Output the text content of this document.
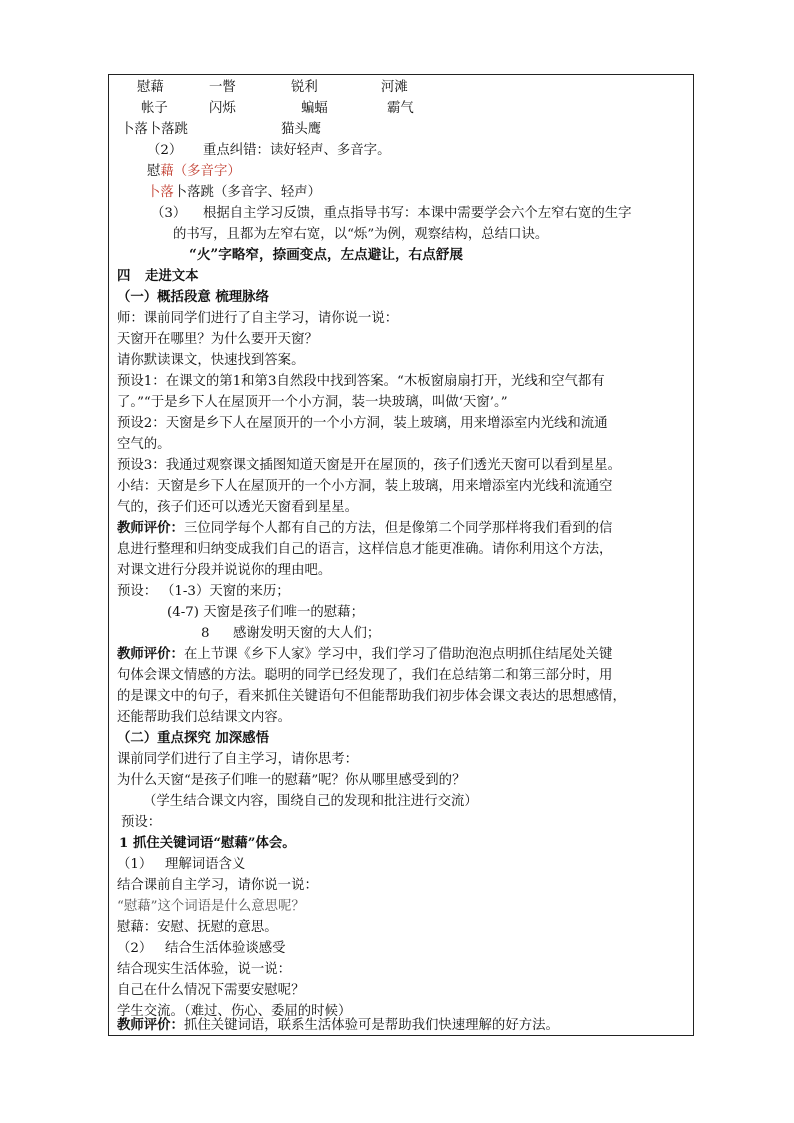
慰藉	一瞥	锐利	河滩
帐子	闪烁	蝙蝠	霸气
卜落卜落跳	猫头鹰
（2） 重点纠错：读好轻声、多音字。
慰藉（多音字）
卜落卜落跳（多音字、轻声）
（3） 根据自主学习反馈，重点指导书写：本课中需要学会六个左窄右宽的生字
的书写，且都为左窄右宽，以“烁”为例，观察结构，总结口诀。
“火”字略窄，捺画变点，左点避让，右点舒展
四 走进文本
（一）概括段意 梳理脉络
师：课前同学们进行了自主学习，请你说一说：
天窗开在哪里？为什么要开天窗？
请你默读课文，快速找到答案。
预设1：在课文的第1和第3自然段中找到答案。“木板窗扇扇打开，光线和空气都有
了。”“于是乡下人在屋顶开一个小方洞，装一块玻璃，叫做‘天窗’。”
预设2：天窗是乡下人在屋顶开的一个小方洞，装上玻璃，用来增添室内光线和流通
空气的。
预设3：我通过观察课文插图知道天窗是开在屋顶的，孩子们透光天窗可以看到星星。
小结：天窗是乡下人在屋顶开的一个小方洞，装上玻璃，用来增添室内光线和流通空
气的，孩子们还可以透光天窗看到星星。
教师评价：三位同学每个人都有自己的方法，但是像第二个同学那样将我们看到的信
息进行整理和归纳变成我们自己的语言，这样信息才能更准确。请你利用这个方法，
对课文进行分段并说说你的理由吧。
预设： （1-3）天窗的来历；
(4-7) 天窗是孩子们唯一的慰藉；
8 感谢发明天窗的大人们；
教师评价：在上节课《乡下人家》学习中，我们学习了借助泡泡点明抓住结尾处关键
句体会课文情感的方法。聪明的同学已经发现了，我们在总结第二和第三部分时，用
的是课文中的句子，看来抓住关键语句不但能帮助我们初步体会课文表达的思想感情，
还能帮助我们总结课文内容。
（二）重点探究 加深感悟
课前同学们进行了自主学习，请你思考：
为什么天窗“是孩子们唯一的慰藉”呢？你从哪里感受到的？
（学生结合课文内容，围绕自己的发现和批注进行交流）
预设：
1 抓住关键词语“慰藉”体会。
（1） 理解词语含义
结合课前自主学习，请你说一说：
“慰藉”这个词语是什么意思呢？
慰藉：安慰、抚慰的意思。
（2） 结合生活体验谈感受
结合现实生活体验，说一说：
自己在什么情况下需要安慰呢？
学生交流。（难过、伤心、委屈的时候）
教师评价：抓住关键词语，联系生活体验可是帮助我们快速理解的好方法。
